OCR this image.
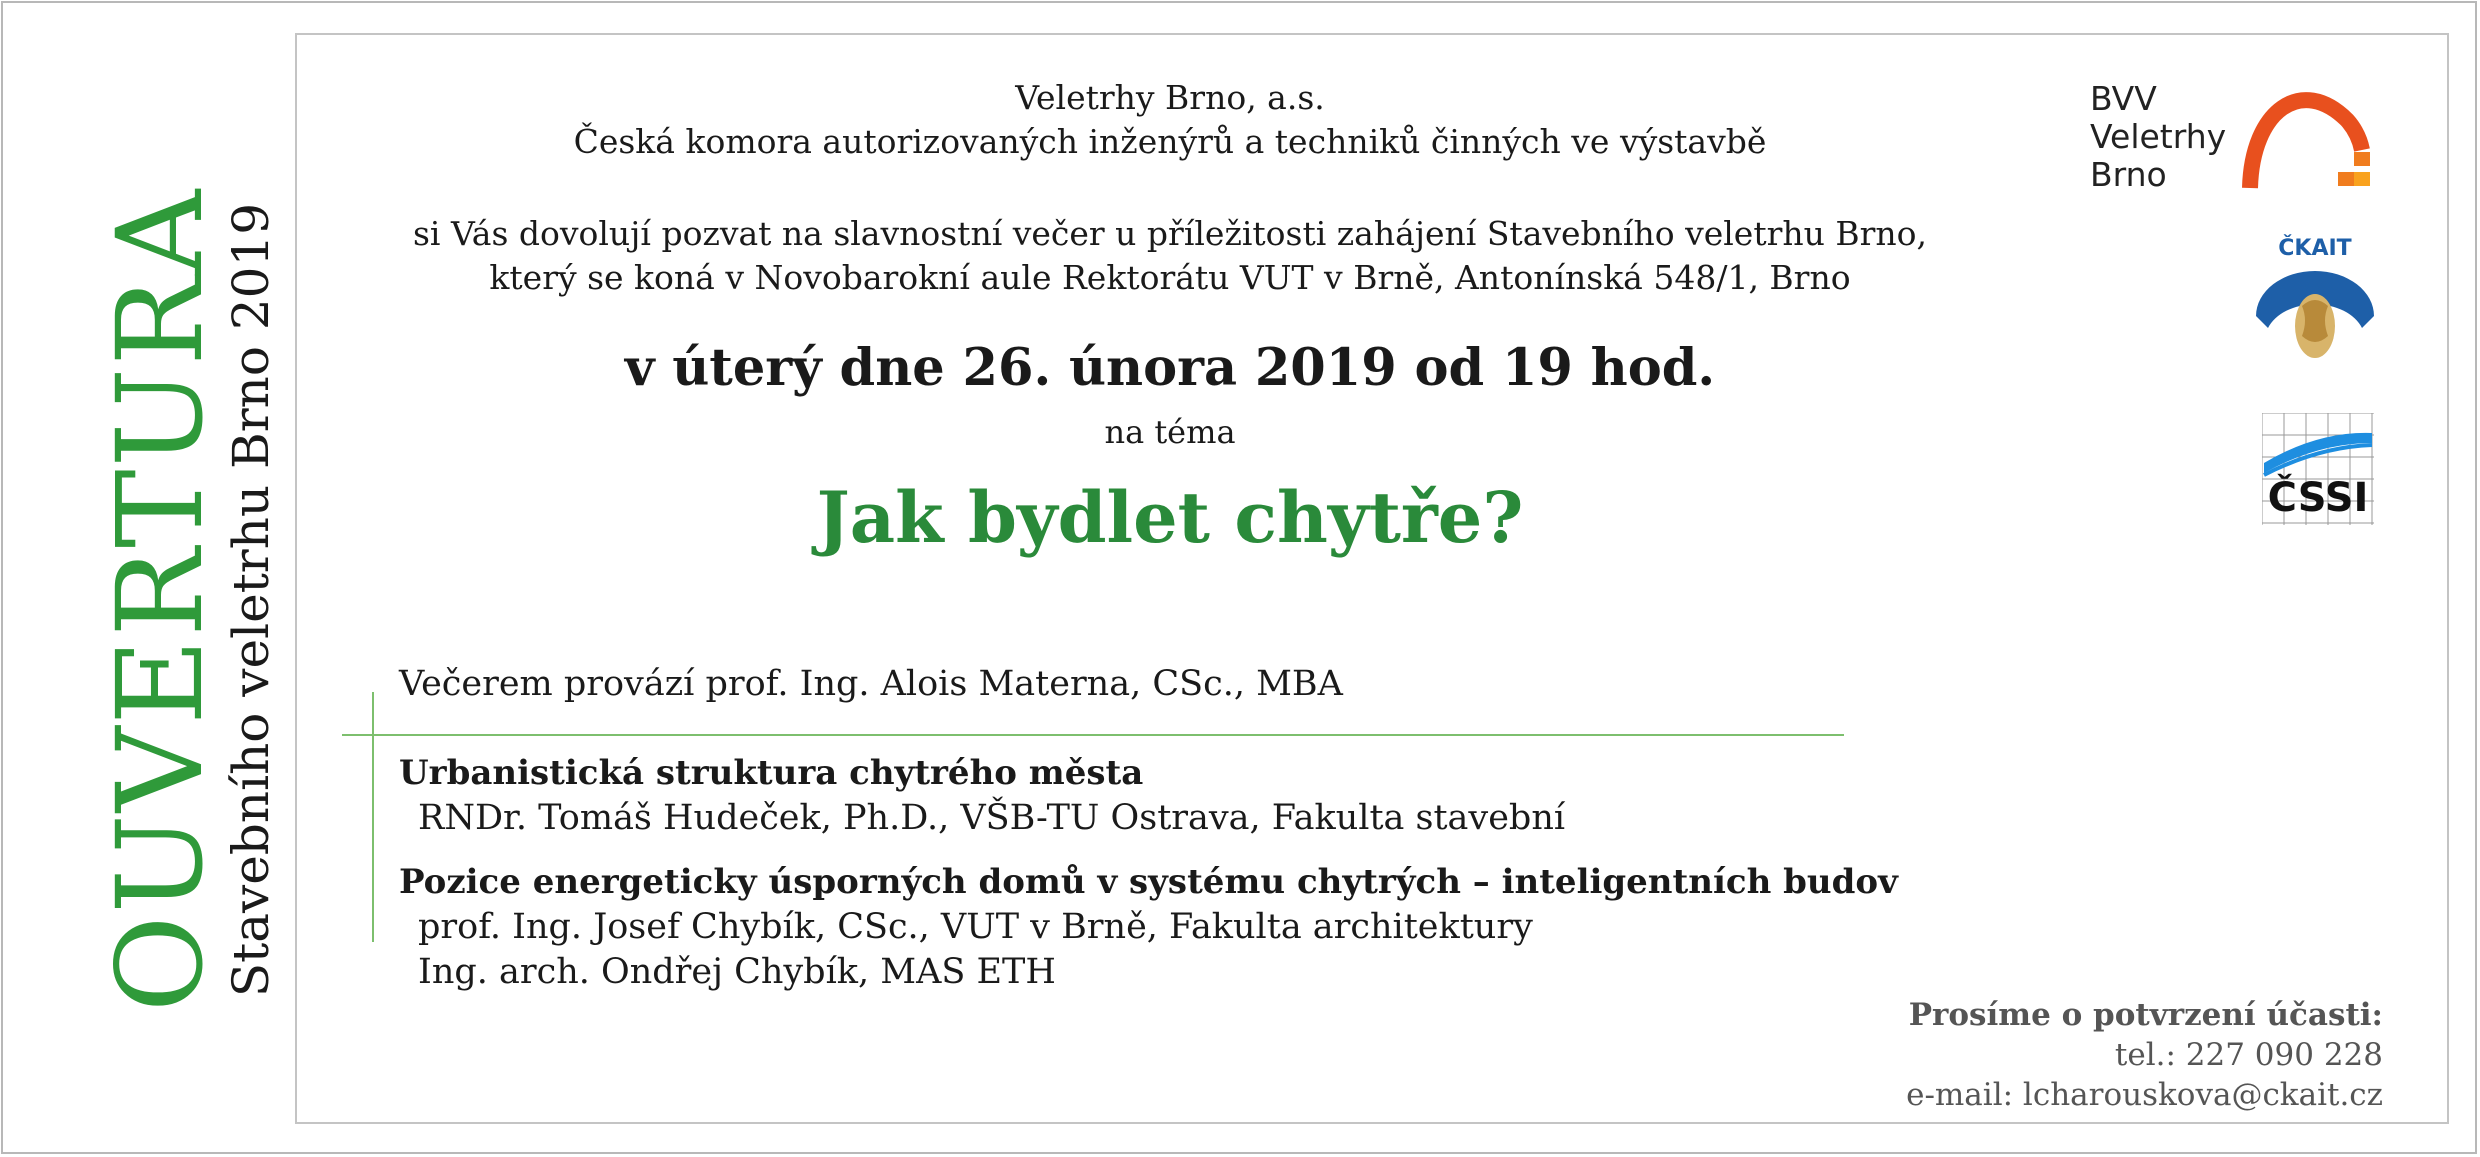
OUVERTURA
Stavebního veletrhu Brno 2019
Veletrhy Brno, a.s.
Česká komora autorizovaných inženýrů a techniků činných ve výstavbě
si Vás dovolují pozvat na slavnostní večer u příležitosti zahájení Stavebního veletrhu Brno,
který se koná v Novobarokní aule Rektorátu VUT v Brně, Antonínská 548/1, Brno
v úterý dne 26. února 2019 od 19 hod.
na téma
Jak bydlet chytře?
Večerem provází prof. Ing. Alois Materna, CSc., MBA
Urbanistická struktura chytrého města
RNDr. Tomáš Hudeček, Ph.D., VŠB-TU Ostrava, Fakulta stavební
Pozice energeticky úsporných domů v systému chytrých – inteligentních budov
prof. Ing. Josef Chybík, CSc., VUT v Brně, Fakulta architektury
Ing. arch. Ondřej Chybík, MAS ETH
Prosíme o potvrzení účasti:
tel.: 227 090 228
e-mail: lcharouskova@ckait.cz
BVV
Veletrhy
Brno
ČKAIT
ČSSI
